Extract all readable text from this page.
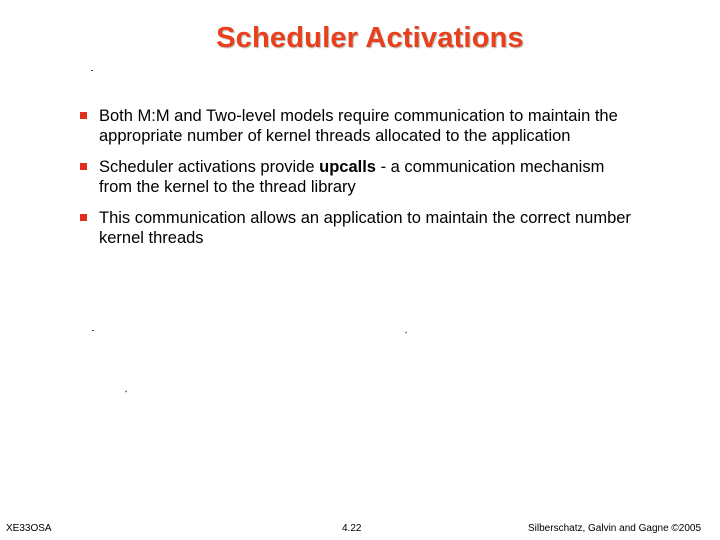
Scheduler Activations
Both M:M and Two-level models require communication to maintain the appropriate number of kernel threads allocated to the application
Scheduler activations provide upcalls - a communication mechanism from the kernel to the thread library
This communication allows an application to maintain the correct number kernel threads
XE33OSA	4.22	Silberschatz, Galvin and Gagne ©2005
